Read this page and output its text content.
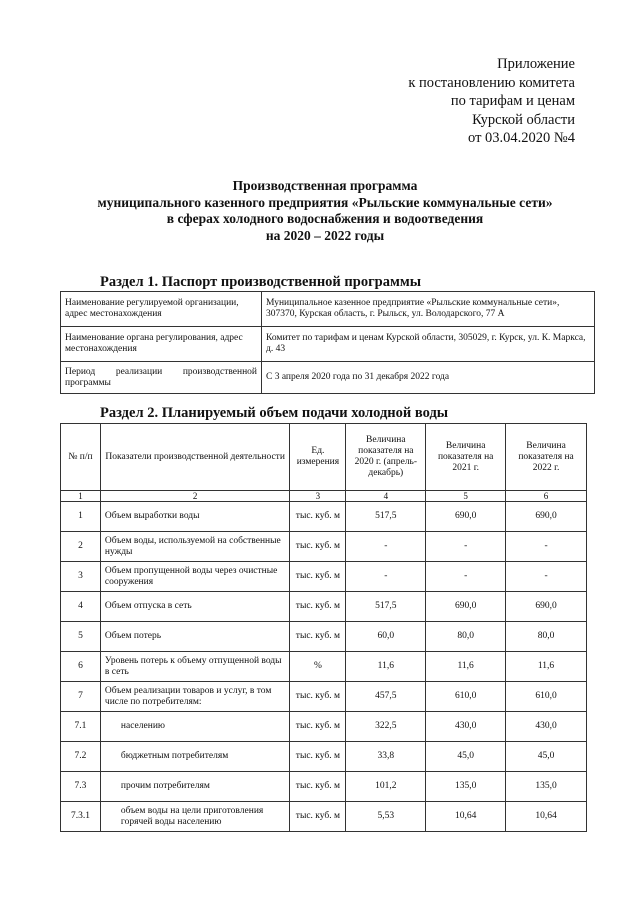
Приложение
к постановлению комитета
по тарифам и ценам
Курской области
от 03.04.2020 №4
Производственная программа
муниципального казенного предприятия «Рыльские коммунальные сети»
в сферах холодного водоснабжения и водоотведения
на 2020 – 2022 годы
Раздел 1. Паспорт производственной программы
Наименование регулируемой организации, адрес местонахождения	Муниципальное казенное предприятие «Рыльские коммунальные сети», 307370, Курская область, г. Рыльск, ул. Володарского, 77 А
Наименование органа регулирования, адрес местонахождения	Комитет по тарифам и ценам Курской области, 305029, г. Курск, ул. К. Маркса, д. 43

Период реализации производственной
программы	С 3 апреля 2020 года по 31 декабря 2022 года
Раздел 2. Планируемый объем подачи холодной воды
№ п/п	Показатели производственной деятельности	Ед. измерения	Величина показателя на 2020 г. (апрель-декабрь)	Величина показателя на 2021 г.	Величина показателя на 2022 г.
1	2	3	4	5	6
1	Объем выработки воды	тыс. куб. м	517,5	690,0	690,0
2	Объем воды, используемой на собственные нужды	тыс. куб. м	-	-	-
3	Объем пропущенной воды через очистные сооружения	тыс. куб. м	-	-	-
4	Объем отпуска в сеть	тыс. куб. м	517,5	690,0	690,0
5	Объем потерь	тыс. куб. м	60,0	80,0	80,0
6	Уровень потерь к объему отпущенной воды в сеть	%	11,6	11,6	11,6
7	Объем реализации товаров и услуг, в том числе по потребителям:	тыс. куб. м	457,5	610,0	610,0
7.1	населению	тыс. куб. м	322,5	430,0	430,0
7.2	бюджетным потребителям	тыс. куб. м	33,8	45,0	45,0
7.3	прочим потребителям	тыс. куб. м	101,2	135,0	135,0
7.3.1	объем воды на цели приготовления горячей воды населению	тыс. куб. м	5,53	10,64	10,64
